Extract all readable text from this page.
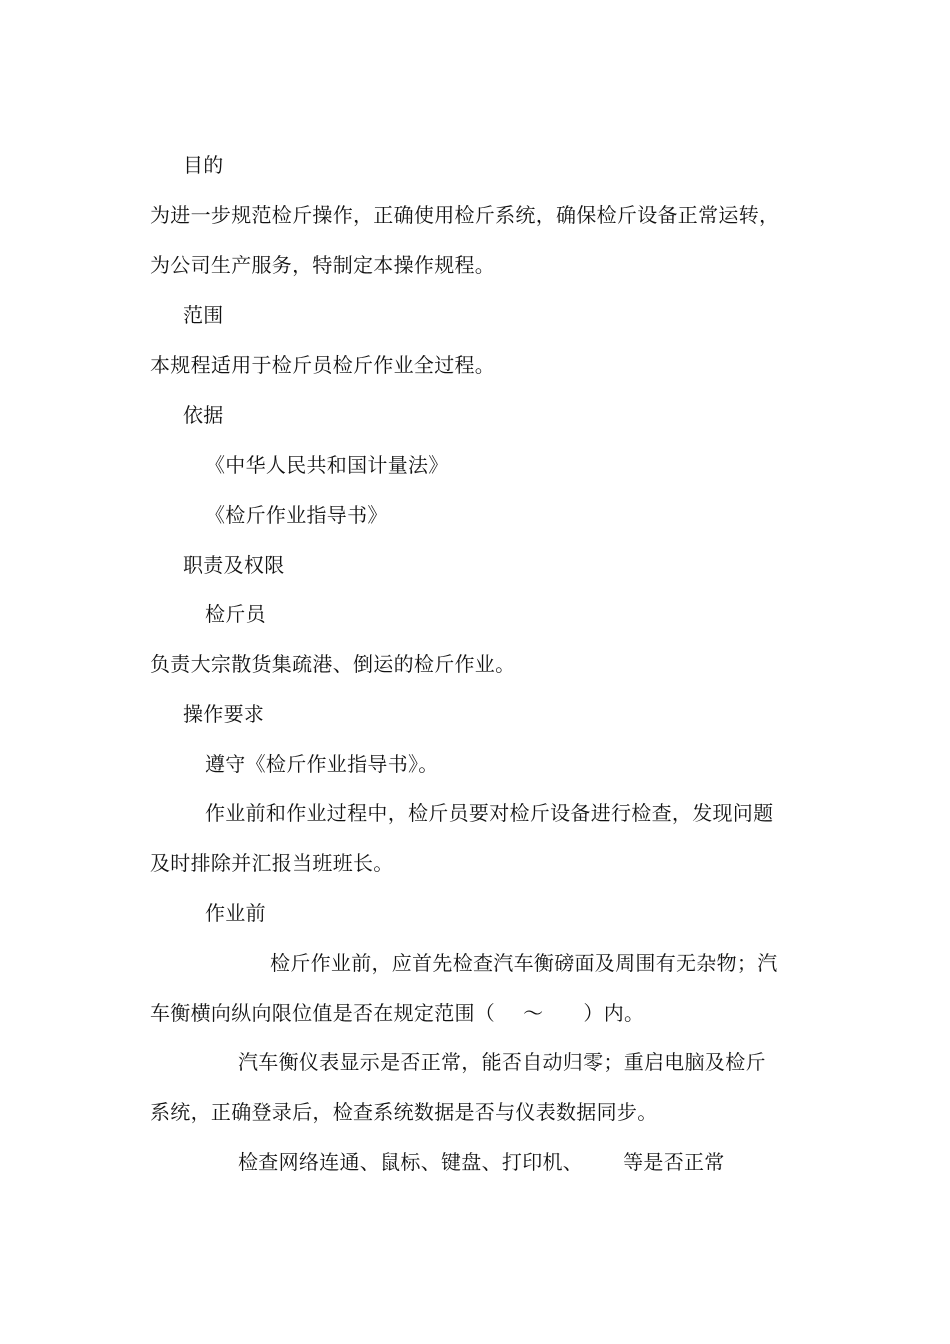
目的
为进一步规范检斤操作，正确使用检斤系统，确保检斤设备正常运转，
为公司生产服务，特制定本操作规程。
范围
本规程适用于检斤员检斤作业全过程。
依据
《中华人民共和国计量法》
《检斤作业指导书》
职责及权限
检斤员
负责大宗散货集疏港、倒运的检斤作业。
操作要求
遵守《检斤作业指导书》。
作业前和作业过程中，检斤员要对检斤设备进行检查，发现问题
及时排除并汇报当班班长。
作业前
检斤作业前，应首先检查汽车衡磅面及周围有无杂物；汽
车衡横向纵向限位值是否在规定范围（ ～ ）内。
汽车衡仪表显示是否正常，能否自动归零；重启电脑及检斤
系统，正确登录后，检查系统数据是否与仪表数据同步。
检查网络连通、鼠标、键盘、打印机、 等是否正常
